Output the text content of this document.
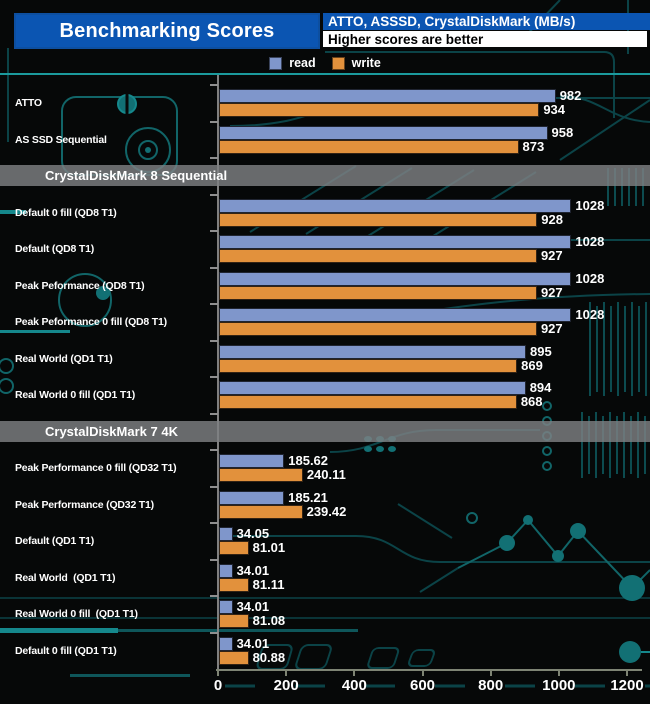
Benchmarking Scores	ATTO, ASSSD, CrystalDiskMark (MB/s)
Higher scores are better
read	write
0	200	400	600	800	1000	1200
ATTO
982
934
AS SSD Sequential
958
873
CrystalDiskMark 8 Sequential
Default 0 fill (QD8 T1)
1028
928
Default (QD8 T1)
1028
927
Peak Peformance (QD8 T1)
1028
927
Peak Peformance 0 fill (QD8 T1)
1028
927
Real World (QD1 T1)
895
869
Real World 0 fill (QD1 T1)
894
868
CrystalDiskMark 7 4K
Peak Performance 0 fill (QD32 T1)
185.62
240.11
Peak Performance (QD32 T1)
185.21
239.42
Default (QD1 T1)
34.05
81.01
Real World  (QD1 T1)
34.01
81.11
Real World 0 fill  (QD1 T1)
34.01
81.08
Default 0 fill (QD1 T1)
34.01
80.88
